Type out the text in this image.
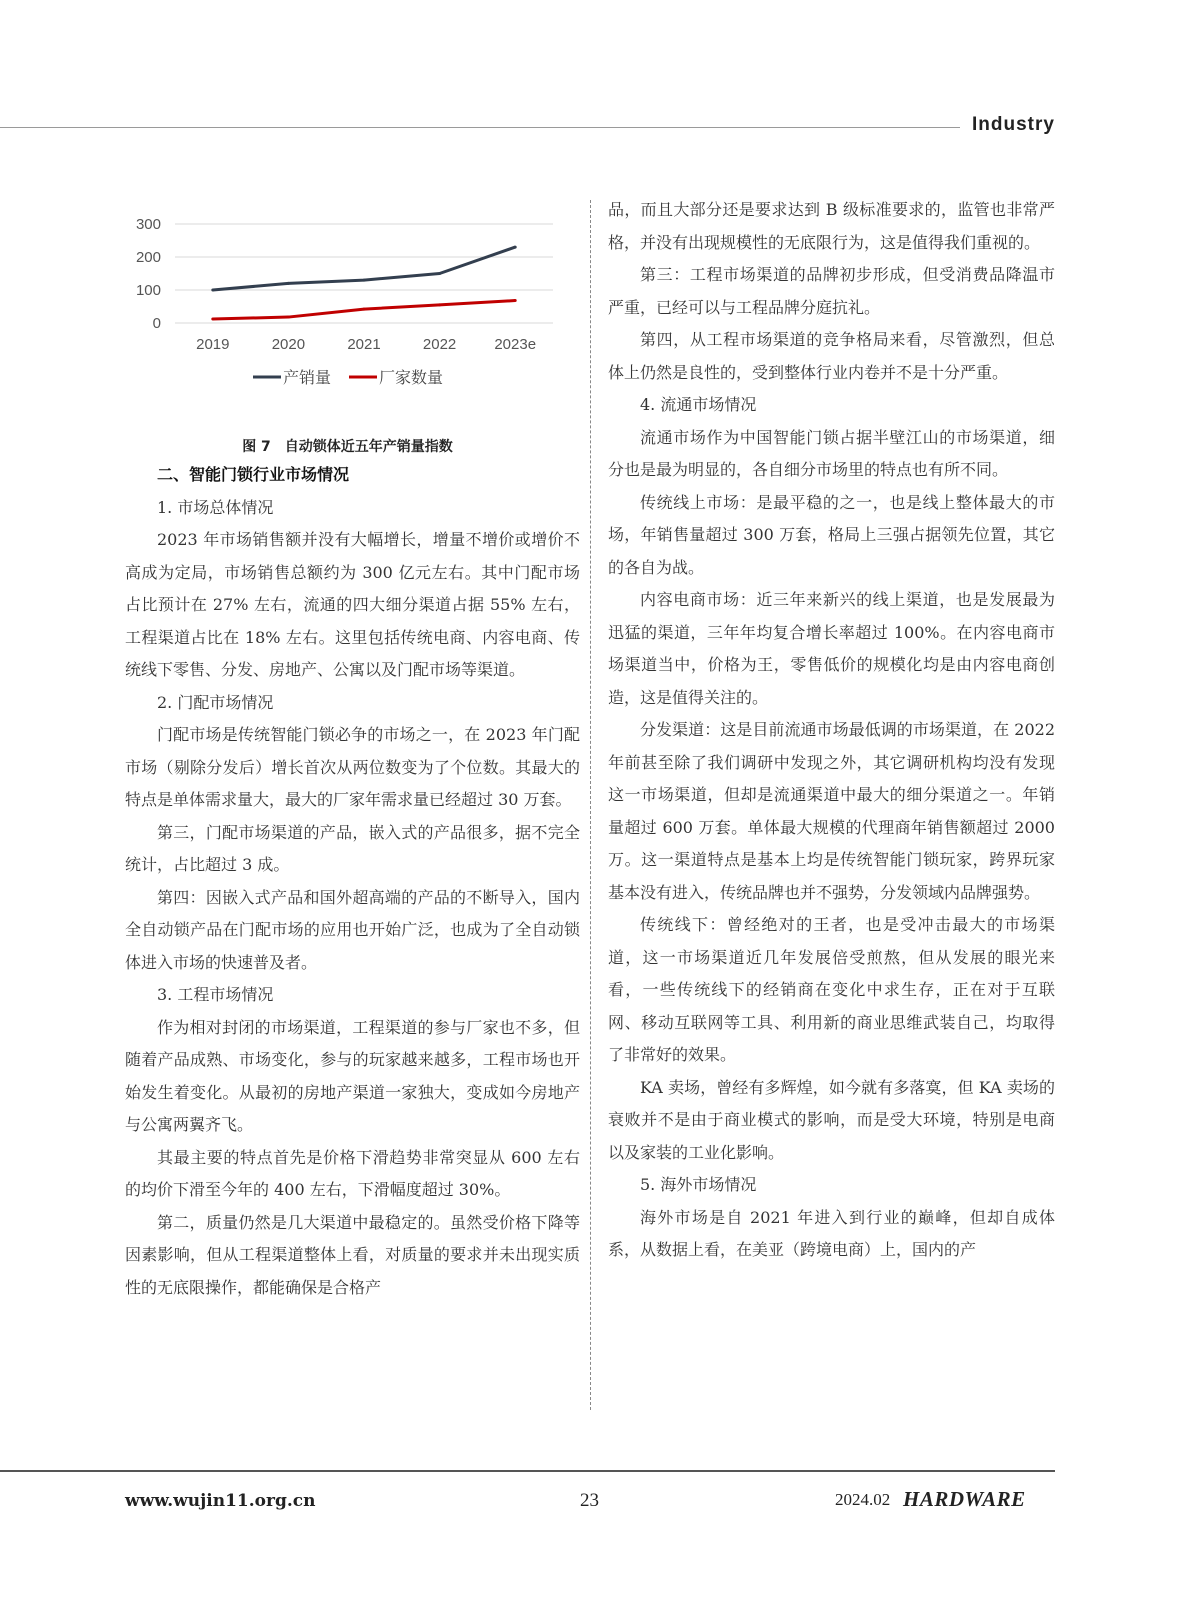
Industry
0
100
200
300
2019	2020	2021	2022	2023e
产销量	厂家数量
图 7　自动锁体近五年产销量指数
二、智能门锁行业市场情况

1. 市场总体情况

2023 年市场销售额并没有大幅增长，增量不增价或增价不高成为定局，市场销售总额约为 300 亿元左右。其中门配市场占比预计在 27% 左右，流通的四大细分渠道占据 55% 左右，工程渠道占比在 18% 左右。这里包括传统电商、内容电商、传统线下零售、分发、房地产、公寓以及门配市场等渠道。

2. 门配市场情况

门配市场是传统智能门锁必争的市场之一，在 2023 年门配市场（剔除分发后）增长首次从两位数变为了个位数。其最大的特点是单体需求量大，最大的厂家年需求量已经超过 30 万套。

第三，门配市场渠道的产品，嵌入式的产品很多，据不完全统计，占比超过 3 成。

第四：因嵌入式产品和国外超高端的产品的不断导入，国内全自动锁产品在门配市场的应用也开始广泛，也成为了全自动锁体进入市场的快速普及者。

3. 工程市场情况

作为相对封闭的市场渠道，工程渠道的参与厂家也不多，但随着产品成熟、市场变化，参与的玩家越来越多，工程市场也开始发生着变化。从最初的房地产渠道一家独大，变成如今房地产与公寓两翼齐飞。

其最主要的特点首先是价格下滑趋势非常突显从 600 左右的均价下滑至今年的 400 左右，下滑幅度超过 30%。

第二，质量仍然是几大渠道中最稳定的。虽然受价格下降等因素影响，但从工程渠道整体上看，对质量的要求并未出现实质性的无底限操作，都能确保是合格产

品，而且大部分还是要求达到 B 级标准要求的，监管也非常严格，并没有出现规模性的无底限行为，这是值得我们重视的。

第三：工程市场渠道的品牌初步形成，但受消费品降温市严重，已经可以与工程品牌分庭抗礼。

第四，从工程市场渠道的竞争格局来看，尽管激烈，但总体上仍然是良性的，受到整体行业内卷并不是十分严重。

4. 流通市场情况

流通市场作为中国智能门锁占据半壁江山的市场渠道，细分也是最为明显的，各自细分市场里的特点也有所不同。

传统线上市场：是最平稳的之一，也是线上整体最大的市场，年销售量超过 300 万套，格局上三强占据领先位置，其它的各自为战。

内容电商市场：近三年来新兴的线上渠道，也是发展最为迅猛的渠道，三年年均复合增长率超过 100%。在内容电商市场渠道当中，价格为王，零售低价的规模化均是由内容电商创造，这是值得关注的。

分发渠道：这是目前流通市场最低调的市场渠道，在 2022 年前甚至除了我们调研中发现之外，其它调研机构均没有发现这一市场渠道，但却是流通渠道中最大的细分渠道之一。年销量超过 600 万套。单体最大规模的代理商年销售额超过 2000 万。这一渠道特点是基本上均是传统智能门锁玩家，跨界玩家基本没有进入，传统品牌也并不强势，分发领域内品牌强势。

传统线下：曾经绝对的王者，也是受冲击最大的市场渠道，这一市场渠道近几年发展倍受煎熬，但从发展的眼光来看，一些传统线下的经销商在变化中求生存，正在对于互联网、移动互联网等工具、利用新的商业思维武装自己，均取得了非常好的效果。

KA 卖场，曾经有多辉煌，如今就有多落寞，但 KA 卖场的衰败并不是由于商业模式的影响，而是受大环境，特别是电商以及家装的工业化影响。

5. 海外市场情况

海外市场是自 2021 年进入到行业的巅峰，但却自成体系，从数据上看，在美亚（跨境电商）上，国内的产

www.wujin11.org.cn	23	2024.02 HARDWARE
